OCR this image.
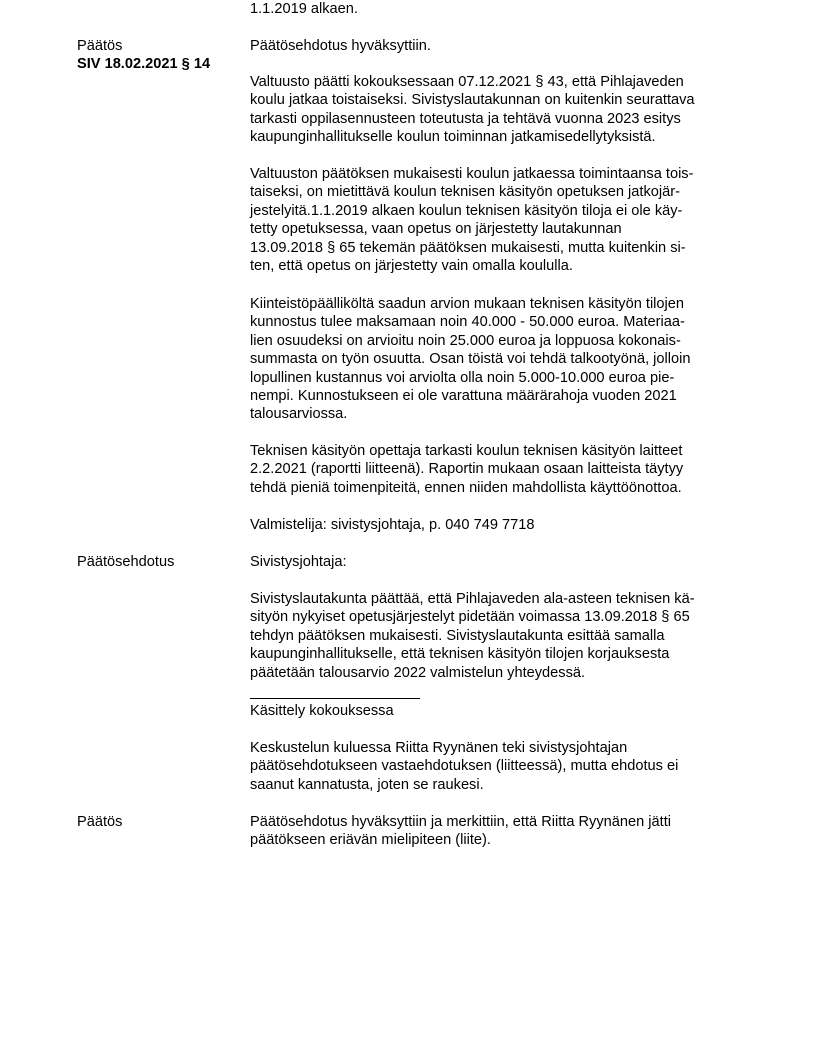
1.1.2019 alkaen.
Päätös
SIV 18.02.2021 § 14
Päätösehdotus hyväksyttiin.
Valtuusto päätti kokouksessaan 07.12.2021 § 43, että Pihlajaveden
koulu jatkaa toistaiseksi. Sivistyslautakunnan on kuitenkin seurattava
tarkasti oppilasennusteen toteutusta ja tehtävä vuonna 2023 esitys
kaupunginhallitukselle koulun toiminnan jatkamisedellytyksistä.
Valtuuston päätöksen mukaisesti koulun jatkaessa toimintaansa tois-
taiseksi, on mietittävä koulun teknisen käsityön opetuksen jatkojär-
jestelyitä.1.1.2019 alkaen koulun teknisen käsityön tiloja ei ole käy-
tetty opetuksessa, vaan opetus on järjestetty lautakunnan
13.09.2018 § 65 tekemän päätöksen mukaisesti, mutta kuitenkin si-
ten, että opetus on järjestetty vain omalla koululla.
Kiinteistöpäälliköltä saadun arvion mukaan teknisen käsityön tilojen
kunnostus tulee maksamaan noin 40.000 - 50.000 euroa. Materiaa-
lien osuudeksi on arvioitu noin 25.000 euroa ja loppuosa kokonais-
summasta on työn osuutta. Osan töistä voi tehdä talkootyönä, jolloin
lopullinen kustannus voi arviolta olla noin 5.000-10.000 euroa pie-
nempi. Kunnostukseen ei ole varattuna määrärahoja vuoden 2021
talousarviossa.
Teknisen käsityön opettaja tarkasti koulun teknisen käsityön laitteet
2.2.2021 (raportti liitteenä). Raportin mukaan osaan laitteista täytyy
tehdä pieniä toimenpiteitä, ennen niiden mahdollista käyttöönottoa.
Valmistelija: sivistysjohtaja, p. 040 749 7718
Päätösehdotus	Sivistysjohtaja:
Sivistyslautakunta päättää, että Pihlajaveden ala-asteen teknisen kä-
sityön nykyiset opetusjärjestelyt pidetään voimassa 13.09.2018 § 65
tehdyn päätöksen mukaisesti. Sivistyslautakunta esittää samalla
kaupunginhallitukselle, että teknisen käsityön tilojen korjauksesta
päätetään talousarvio 2022 valmistelun yhteydessä.
Käsittely kokouksessa
Keskustelun kuluessa Riitta Ryynänen teki sivistysjohtajan
päätösehdotukseen vastaehdotuksen (liitteessä), mutta ehdotus ei
saanut kannatusta, joten se raukesi.
Päätös	Päätösehdotus hyväksyttiin ja merkittiin, että Riitta Ryynänen jätti
päätökseen eriävän mielipiteen (liite).
